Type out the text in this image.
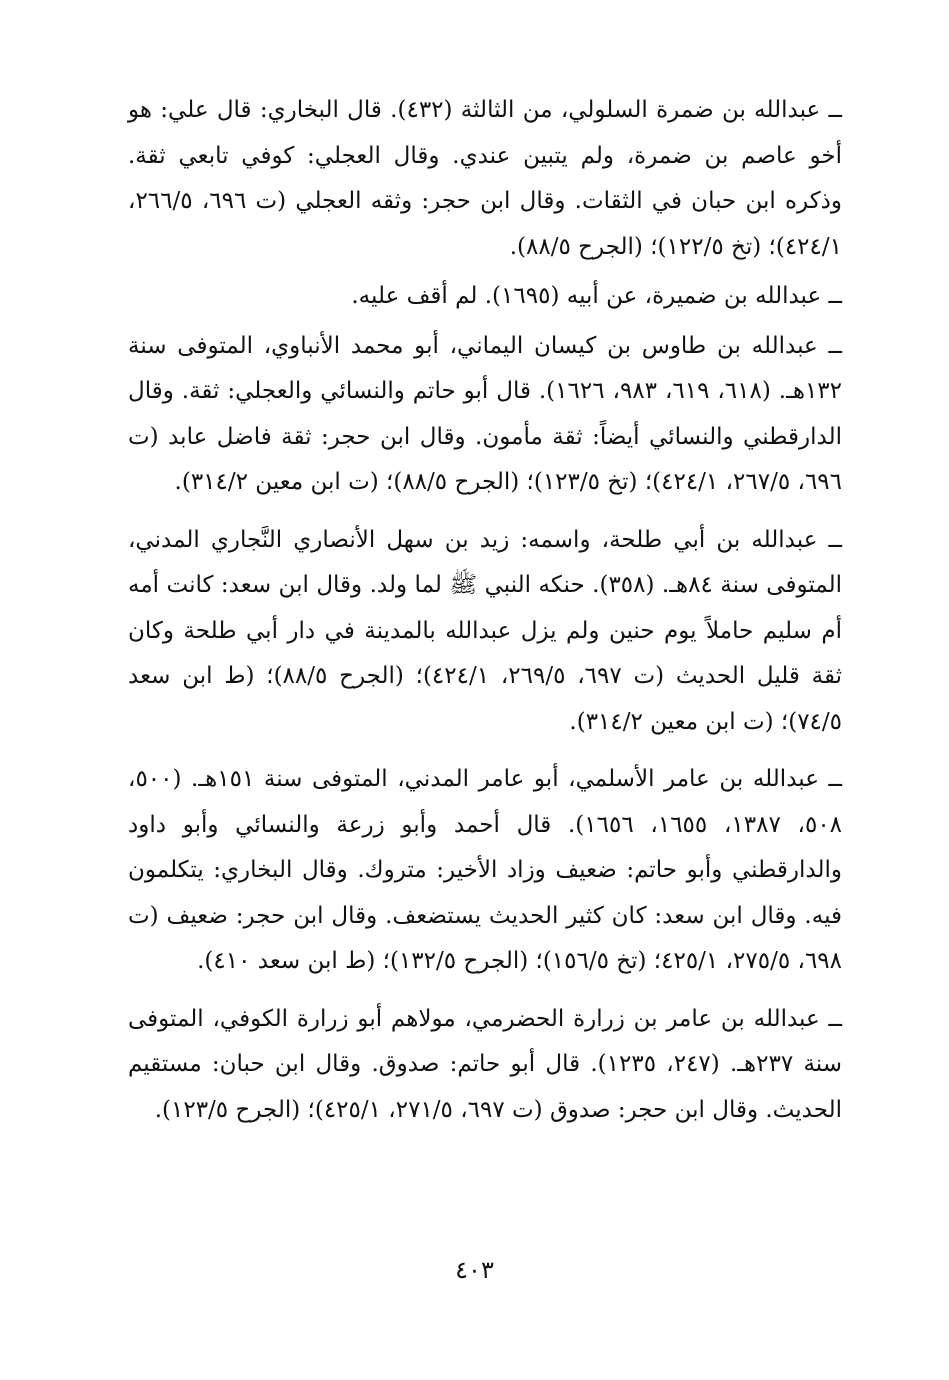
ــ عبدالله بن ضمرة السلولي، من الثالثة (٤٣٢). قال البخاري: قال علي: هو أخو عاصم بن ضمرة، ولم يتبين عندي. وقال العجلي: كوفي تابعي ثقة. وذكره ابن حبان في الثقات. وقال ابن حجر: وثقه العجلي (ت ٦٩٦، ٢٦٦/٥، ٤٢٤/١)؛ (تخ ١٢٢/٥)؛ (الجرح ٨٨/٥).

ــ عبدالله بن ضميرة، عن أبيه (١٦٩٥). لم أقف عليه.

ــ عبدالله بن طاوس بن كيسان اليماني، أبو محمد الأنباوي، المتوفى سنة ١٣٢هـ. (٦١٨، ٦١٩، ٩٨٣، ١٦٢٦). قال أبو حاتم والنسائي والعجلي: ثقة. وقال الدارقطني والنسائي أيضاً: ثقة مأمون. وقال ابن حجر: ثقة فاضل عابد (ت ٦٩٦، ٢٦٧/٥، ٤٢٤/١)؛ (تخ ١٢٣/٥)؛ (الجرح ٨٨/٥)؛ (ت ابن معين ٣١٤/٢).

ــ عبدالله بن أبي طلحة، واسمه: زيد بن سهل الأنصاري النَّجاري المدني، المتوفى سنة ٨٤هـ. (٣٥٨). حنكه النبي ﷺ لما ولد. وقال ابن سعد: كانت أمه أم سليم حاملاً يوم حنين ولم يزل عبدالله بالمدينة في دار أبي طلحة وكان ثقة قليل الحديث (ت ٦٩٧، ٢٦٩/٥، ٤٢٤/١)؛ (الجرح ٨٨/٥)؛ (ط ابن سعد ٧٤/٥)؛ (ت ابن معين ٣١٤/٢).

ــ عبدالله بن عامر الأسلمي، أبو عامر المدني، المتوفى سنة ١٥١هـ. (٥٠٠، ٥٠٨، ١٣٨٧، ١٦٥٥، ١٦٥٦). قال أحمد وأبو زرعة والنسائي وأبو داود والدارقطني وأبو حاتم: ضعيف وزاد الأخير: متروك. وقال البخاري: يتكلمون فيه. وقال ابن سعد: كان كثير الحديث يستضعف. وقال ابن حجر: ضعيف (ت ٦٩٨، ٢٧٥/٥، ٤٢٥/١؛ (تخ ١٥٦/٥)؛ (الجرح ١٣٢/٥)؛ (ط ابن سعد ٤١٠).

ــ عبدالله بن عامر بن زرارة الحضرمي، مولاهم أبو زرارة الكوفي، المتوفى سنة ٢٣٧هـ. (٢٤٧، ١٢٣٥). قال أبو حاتم: صدوق. وقال ابن حبان: مستقيم الحديث. وقال ابن حجر: صدوق (ت ٦٩٧، ٢٧١/٥، ٤٢٥/١)؛ (الجرح ١٢٣/٥).

٤٠٣
